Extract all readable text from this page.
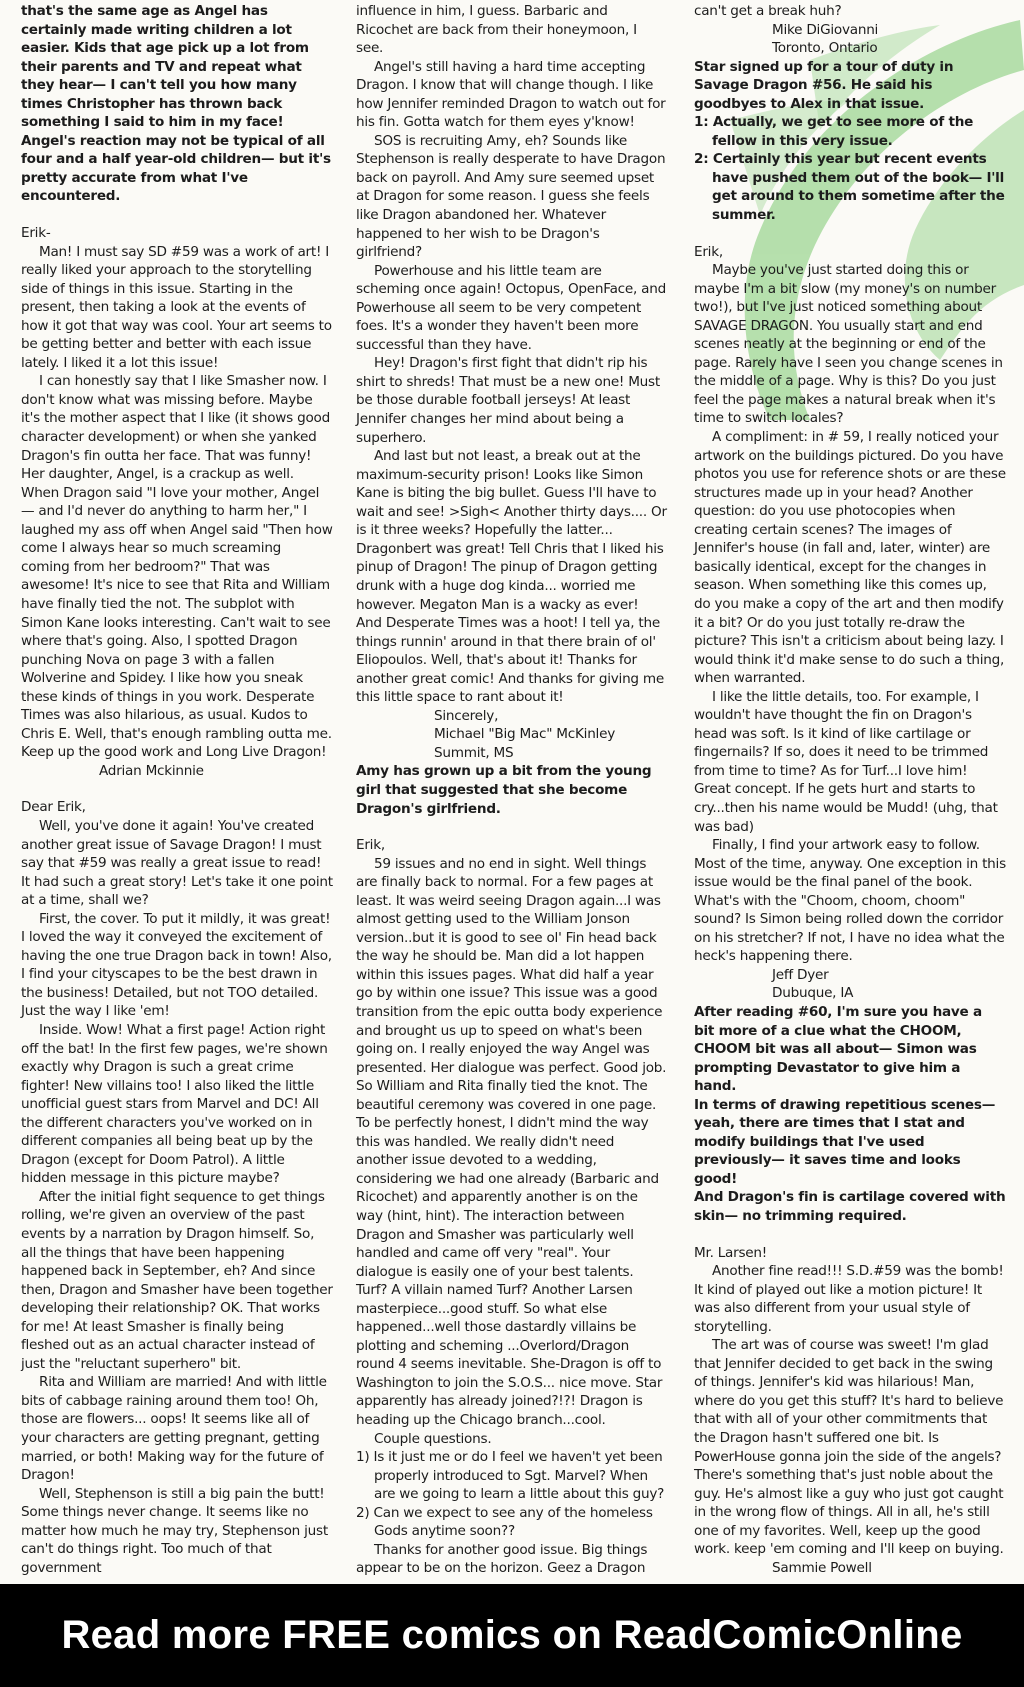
that's the same age as Angel has certainly made writing children a lot easier. Kids that age pick up a lot from their parents and TV and repeat what they hear— I can't tell you how many times Christopher has thrown back something I said to him in my face! Angel's reaction may not be typical of all four and a half year-old children— but it's pretty accurate from what I've encountered.

Erik-

Man! I must say SD #59 was a work of art! I really liked your approach to the storytelling side of things in this issue. Starting in the present, then taking a look at the events of how it got that way was cool. Your art seems to be getting better and better with each issue lately. I liked it a lot this issue!

I can honestly say that I like Smasher now. I don't know what was missing before. Maybe it's the mother aspect that I like (it shows good character development) or when she yanked Dragon's fin outta her face. That was funny! Her daughter, Angel, is a crackup as well. When Dragon said "I love your mother, Angel — and I'd never do anything to harm her," I laughed my ass off when Angel said "Then how come I always hear so much screaming coming from her bedroom?" That was awesome! It's nice to see that Rita and William have finally tied the not. The subplot with Simon Kane looks interesting. Can't wait to see where that's going. Also, I spotted Dragon punching Nova on page 3 with a fallen Wolverine and Spidey. I like how you sneak these kinds of things in you work. Desperate Times was also hilarious, as usual. Kudos to Chris E. Well, that's enough rambling outta me. Keep up the good work and Long Live Dragon!

Adrian Mckinnie

Dear Erik,

Well, you've done it again! You've created another great issue of Savage Dragon! I must say that #59 was really a great issue to read! It had such a great story! Let's take it one point at a time, shall we?

First, the cover. To put it mildly, it was great! I loved the way it conveyed the excitement of having the one true Dragon back in town! Also, I find your cityscapes to be the best drawn in the business! Detailed, but not TOO detailed. Just the way I like 'em!

Inside. Wow! What a first page! Action right off the bat! In the first few pages, we're shown exactly why Dragon is such a great crime fighter! New villains too! I also liked the little unofficial guest stars from Marvel and DC! All the different characters you've worked on in different companies all being beat up by the Dragon (except for Doom Patrol). A little hidden message in this picture maybe?

After the initial fight sequence to get things rolling, we're given an overview of the past events by a narration by Dragon himself. So, all the things that have been happening happened back in September, eh? And since then, Dragon and Smasher have been together developing their relationship? OK. That works for me! At least Smasher is finally being fleshed out as an actual character instead of just the "reluctant superhero" bit.

Rita and William are married! And with little bits of cabbage raining around them too! Oh, those are flowers... oops! It seems like all of your characters are getting pregnant, getting married, or both! Making way for the future of Dragon!

Well, Stephenson is still a big pain the butt! Some things never change. It seems like no matter how much he may try, Stephenson just can't do things right. Too much of that government

influence in him, I guess. Barbaric and Ricochet are back from their honeymoon, I see.

Angel's still having a hard time accepting Dragon. I know that will change though. I like how Jennifer reminded Dragon to watch out for his fin. Gotta watch for them eyes y'know!

SOS is recruiting Amy, eh? Sounds like Stephenson is really desperate to have Dragon back on payroll. And Amy sure seemed upset at Dragon for some reason. I guess she feels like Dragon abandoned her. Whatever happened to her wish to be Dragon's girlfriend?

Powerhouse and his little team are scheming once again! Octopus, OpenFace, and Powerhouse all seem to be very competent foes. It's a wonder they haven't been more successful than they have.

Hey! Dragon's first fight that didn't rip his shirt to shreds! That must be a new one! Must be those durable football jerseys! At least Jennifer changes her mind about being a superhero.

And last but not least, a break out at the maximum-security prison! Looks like Simon Kane is biting the big bullet. Guess I'll have to wait and see! >Sigh< Another thirty days.... Or is it three weeks? Hopefully the latter... Dragonbert was great! Tell Chris that I liked his pinup of Dragon! The pinup of Dragon getting drunk with a huge dog kinda... worried me however. Megaton Man is a wacky as ever! And Desperate Times was a hoot! I tell ya, the things runnin' around in that there brain of ol' Eliopoulos. Well, that's about it! Thanks for another great comic! And thanks for giving me this little space to rant about it!

Sincerely,

Michael "Big Mac" McKinley

Summit, MS

Amy has grown up a bit from the young girl that suggested that she become Dragon's girlfriend.

Erik,

59 issues and no end in sight. Well things are finally back to normal. For a few pages at least. It was weird seeing Dragon again...I was almost getting used to the William Jonson version..but it is good to see ol' Fin head back the way he should be. Man did a lot happen within this issues pages. What did half a year go by within one issue? This issue was a good transition from the epic outta body experience and brought us up to speed on what's been going on. I really enjoyed the way Angel was presented. Her dialogue was perfect. Good job. So William and Rita finally tied the knot. The beautiful ceremony was covered in one page. To be perfectly honest, I didn't mind the way this was handled. We really didn't need another issue devoted to a wedding, considering we had one already (Barbaric and Ricochet) and apparently another is on the way (hint, hint). The interaction between Dragon and Smasher was particularly well handled and came off very "real". Your dialogue is easily one of your best talents. Turf? A villain named Turf? Another Larsen masterpiece...good stuff. So what else happened...well those dastardly villains be plotting and scheming ...Overlord/Dragon round 4 seems inevitable. She-Dragon is off to Washington to join the S.O.S... nice move. Star apparently has already joined?!?! Dragon is heading up the Chicago branch...cool.

Couple questions.

1) Is it just me or do I feel we haven't yet been properly introduced to Sgt. Marvel? When are we going to learn a little about this guy?

2) Can we expect to see any of the homeless Gods anytime soon??

Thanks for another good issue. Big things appear to be on the horizon. Geez a Dragon

can't get a break huh?

Mike DiGiovanni

Toronto, Ontario

Star signed up for a tour of duty in Savage Dragon #56. He said his goodbyes to Alex in that issue.

1: Actually, we get to see more of the fellow in this very issue.

2: Certainly this year but recent events have pushed them out of the book— I'll get around to them sometime after the summer.

Erik,

Maybe you've just started doing this or maybe I'm a bit slow (my money's on number two!), but I've just noticed something about SAVAGE DRAGON. You usually start and end scenes neatly at the beginning or end of the page. Rarely have I seen you change scenes in the middle of a page. Why is this? Do you just feel the page makes a natural break when it's time to switch locales?

A compliment: in # 59, I really noticed your artwork on the buildings pictured. Do you have photos you use for reference shots or are these structures made up in your head? Another question: do you use photocopies when creating certain scenes? The images of Jennifer's house (in fall and, later, winter) are basically identical, except for the changes in season. When something like this comes up, do you make a copy of the art and then modify it a bit? Or do you just totally re-draw the picture? This isn't a criticism about being lazy. I would think it'd make sense to do such a thing, when warranted.

I like the little details, too. For example, I wouldn't have thought the fin on Dragon's head was soft. Is it kind of like cartilage or fingernails? If so, does it need to be trimmed from time to time? As for Turf...I love him! Great concept. If he gets hurt and starts to cry...then his name would be Mudd! (uhg, that was bad)

Finally, I find your artwork easy to follow. Most of the time, anyway. One exception in this issue would be the final panel of the book. What's with the "Choom, choom, choom" sound? Is Simon being rolled down the corridor on his stretcher? If not, I have no idea what the heck's happening there.

Jeff Dyer

Dubuque, IA

After reading #60, I'm sure you have a bit more of a clue what the CHOOM, CHOOM bit was all about— Simon was prompting Devastator to give him a hand.

In terms of drawing repetitious scenes— yeah, there are times that I stat and modify buildings that I've used previously— it saves time and looks good!

And Dragon's fin is cartilage covered with skin— no trimming required.

Mr. Larsen!

Another fine read!!! S.D.#59 was the bomb! It kind of played out like a motion picture! It was also different from your usual style of storytelling.

The art was of course was sweet! I'm glad that Jennifer decided to get back in the swing of things. Jennifer's kid was hilarious! Man, where do you get this stuff? It's hard to believe that with all of your other commitments that the Dragon hasn't suffered one bit. Is PowerHouse gonna join the side of the angels? There's something that's just noble about the guy. He's almost like a guy who just got caught in the wrong flow of things. All in all, he's still one of my favorites. Well, keep up the good work. keep 'em coming and I'll keep on buying.

Sammie Powell

Read more FREE comics on ReadComicOnline
